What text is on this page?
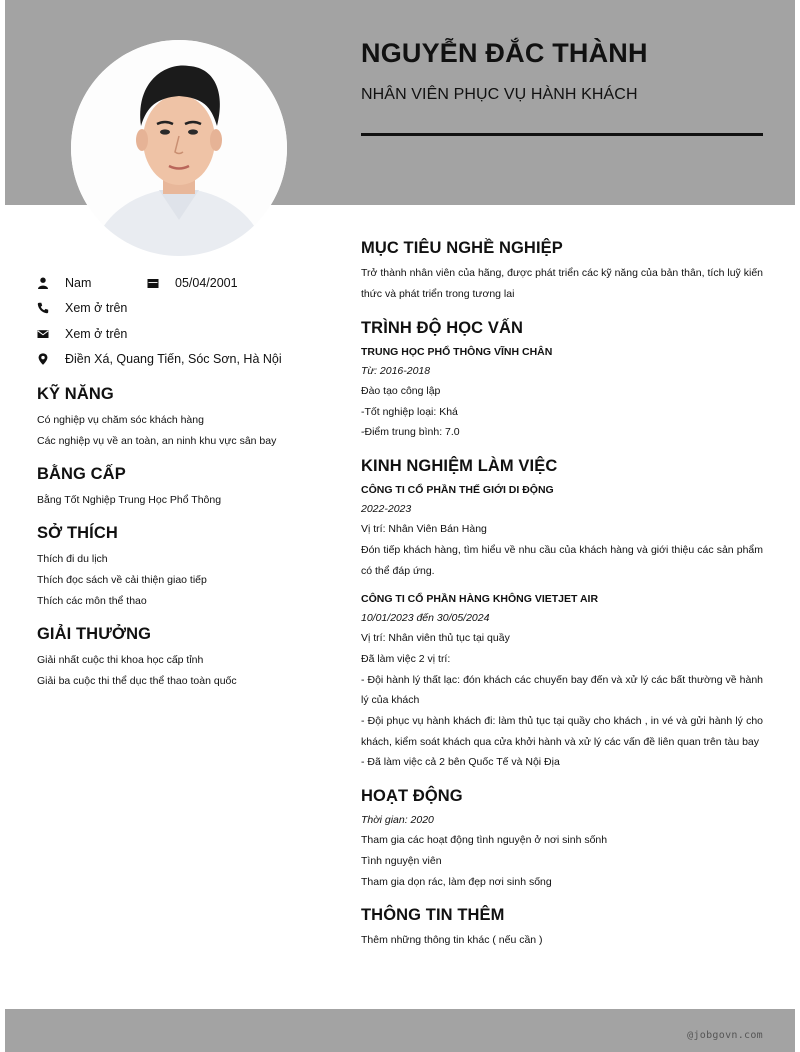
NGUYỄN ĐẮC THÀNH
NHÂN VIÊN PHỤC VỤ HÀNH KHÁCH
Nam	05/04/2001
Xem ở trên
Xem ở trên
Điền Xá, Quang Tiến, Sóc Sơn, Hà Nội
KỸ NĂNG
Có nghiệp vụ chăm sóc khách hàng
Các nghiệp vụ về an toàn, an ninh khu vực sân bay
BẰNG CẤP
Bằng Tốt Nghiệp Trung Học Phổ Thông
SỞ THÍCH
Thích đi du lịch
Thích đọc sách về cải thiện giao tiếp
Thích các môn thể thao
GIẢI THƯỞNG
Giải nhất cuộc thi khoa học cấp tỉnh
Giải ba cuộc thi thể dục thể thao toàn quốc
MỤC TIÊU NGHỀ NGHIỆP
Trở thành nhân viên của hãng, được phát triển các kỹ năng của bản thân, tích luỹ kiến thức và phát triển trong tương lai
TRÌNH ĐỘ HỌC VẤN
TRUNG HỌC PHỔ THÔNG VĨNH CHÂN
Từ: 2016-2018
Đào tạo công lập
-Tốt nghiệp loại: Khá
-Điểm trung bình: 7.0
KINH NGHIỆM LÀM VIỆC
CÔNG TI CỔ PHẦN THẾ GIỚI DI ĐỘNG
2022-2023
Vị trí: Nhân Viên Bán Hàng
Đón tiếp khách hàng, tìm hiểu về nhu cầu của khách hàng và giới thiệu các sản phẩm có thể đáp ứng.
CÔNG TI CỔ PHẦN HÀNG KHÔNG VIETJET AIR
10/01/2023 đến 30/05/2024
Vị trí: Nhân viên thủ tục tại quầy
Đã làm việc 2 vị trí:
- Đội hành lý thất lạc: đón khách các chuyến bay đến và xử lý các bất thường về hành lý của khách
- Đội phục vụ hành khách đi: làm thủ tục tại quầy cho khách , in vé và gửi hành lý cho khách, kiểm soát khách qua cửa khởi hành và xử lý các vấn đề liên quan trên tàu bay
- Đã làm việc cả 2 bên Quốc Tế và Nội Địa
HOẠT ĐỘNG
Thời gian: 2020
Tham gia các hoạt động tình nguyện ở nơi sinh sốnh
Tình nguyện viên
Tham gia dọn rác, làm đẹp nơi sinh sống
THÔNG TIN THÊM
Thêm những thông tin khác ( nếu cần )
@jobgovn.com
